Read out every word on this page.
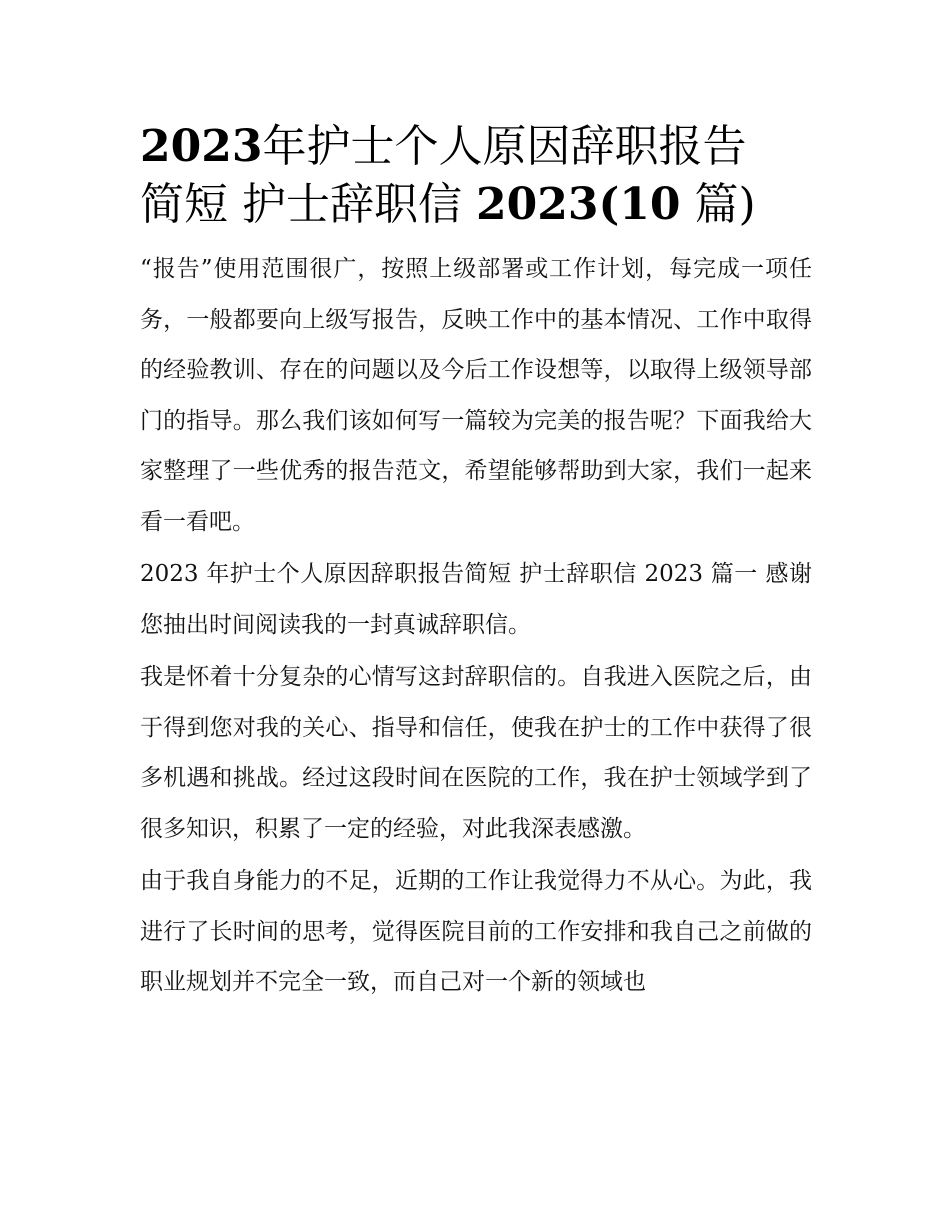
2023年护士个人原因辞职报告
简短 护士辞职信 2023(10 篇)

“报告”使用范围很广，按照上级部署或工作计划，每完成一项任务，一般都要向上级写报告，反映工作中的基本情况、工作中取得的经验教训、存在的问题以及今后工作设想等，以取得上级领导部门的指导。那么我们该如何写一篇较为完美的报告呢？下面我给大家整理了一些优秀的报告范文，希望能够帮助到大家，我们一起来看一看吧。

2023 年护士个人原因辞职报告简短 护士辞职信 2023 篇一 感谢您抽出时间阅读我的一封真诚辞职信。

我是怀着十分复杂的心情写这封辞职信的。自我进入医院之后，由于得到您对我的关心、指导和信任，使我在护士的工作中获得了很多机遇和挑战。经过这段时间在医院的工作，我在护士领域学到了很多知识，积累了一定的经验，对此我深表感激。

由于我自身能力的不足，近期的工作让我觉得力不从心。为此，我进行了长时间的思考，觉得医院目前的工作安排和我自己之前做的职业规划并不完全一致，而自己对一个新的领域也
